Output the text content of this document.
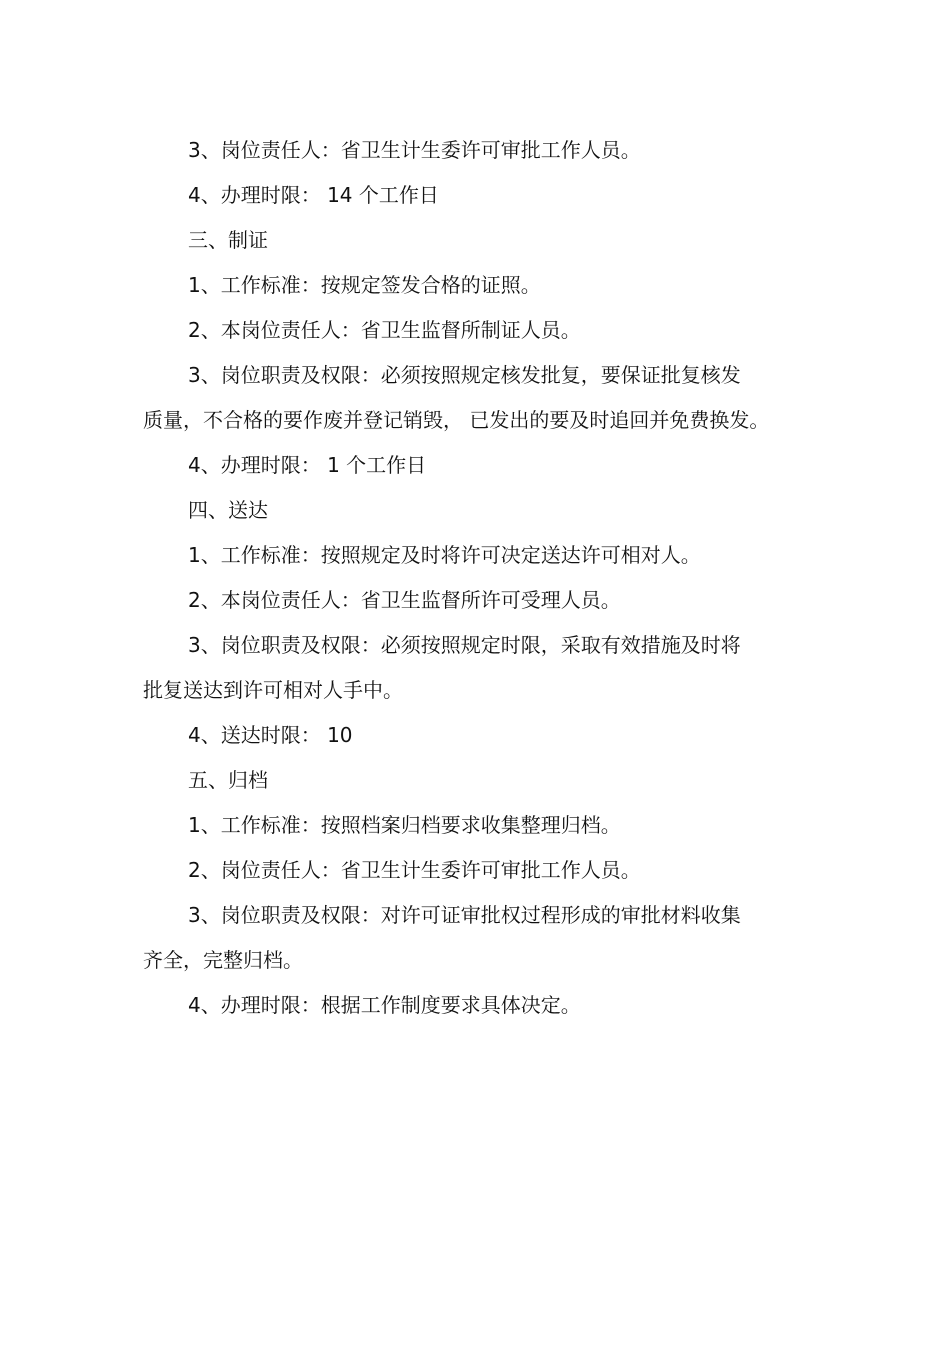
3、岗位责任人：省卫生计生委许可审批工作人员。
4、办理时限： 14 个工作日
三、制证
1、工作标准：按规定签发合格的证照。
2、本岗位责任人：省卫生监督所制证人员。
3、岗位职责及权限：必须按照规定核发批复，要保证批复核发
质量，不合格的要作废并登记销毁， 已发出的要及时追回并免费换发。
4、办理时限： 1 个工作日
四、送达
1、工作标准：按照规定及时将许可决定送达许可相对人。
2、本岗位责任人：省卫生监督所许可受理人员。
3、岗位职责及权限：必须按照规定时限，采取有效措施及时将
批复送达到许可相对人手中。
4、送达时限： 10
五、归档
1、工作标准：按照档案归档要求收集整理归档。
2、岗位责任人：省卫生计生委许可审批工作人员。
3、岗位职责及权限：对许可证审批权过程形成的审批材料收集
齐全，完整归档。
4、办理时限：根据工作制度要求具体决定。
